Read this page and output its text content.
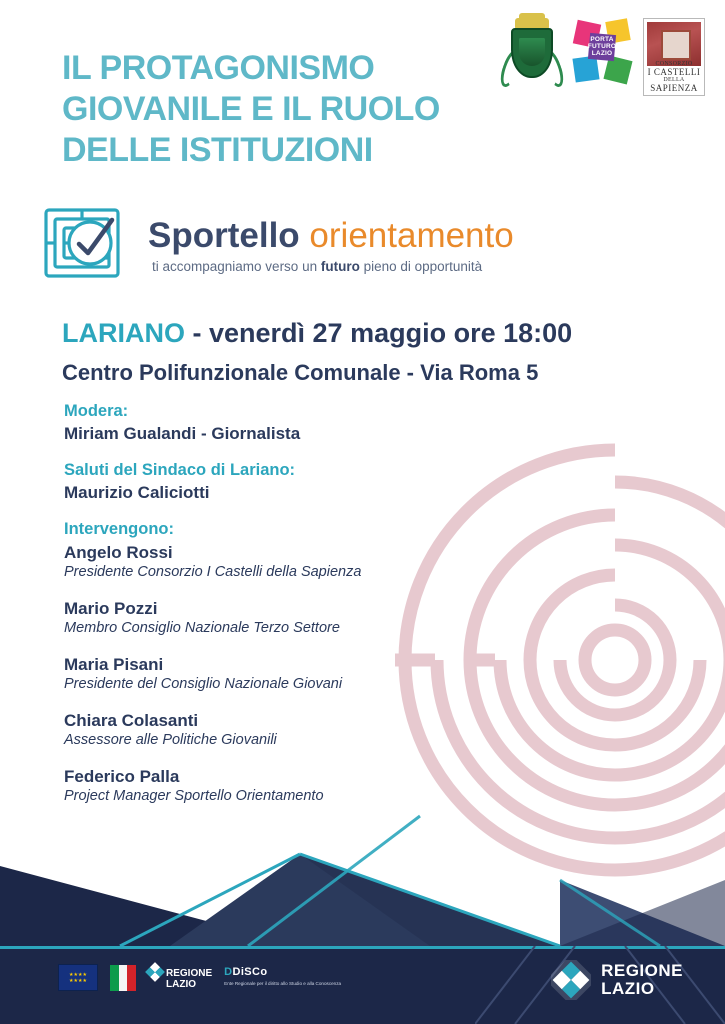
PORTA
FUTURO
LAZIO
CONSORZIO
I CASTELLI
DELLA
SAPIENZA
IL PROTAGONISMO
GIOVANILE E IL RUOLO
DELLE ISTITUZIONI
Sportello orientamento
ti accompagniamo verso un futuro pieno di opportunità
LARIANO - venerdì 27 maggio ore 18:00
Centro Polifunzionale Comunale - Via Roma 5
Modera:
Miriam Gualandi - Giornalista
Saluti del Sindaco di Lariano:
Maurizio Caliciotti
Intervengono:
Angelo Rossi
Presidente Consorzio I Castelli della Sapienza
Mario Pozzi
Membro Consiglio Nazionale Terzo Settore
Maria Pisani
Presidente del Consiglio Nazionale Giovani
Chiara Colasanti
Assessore alle Politiche Giovanili
Federico Palla
Project Manager Sportello Orientamento
★★★★
★★★★
REGIONE
LAZIO
DDiSCo
Ente Regionale per il diritto allo Studio e alla Conoscenza
REGIONE
LAZIO
